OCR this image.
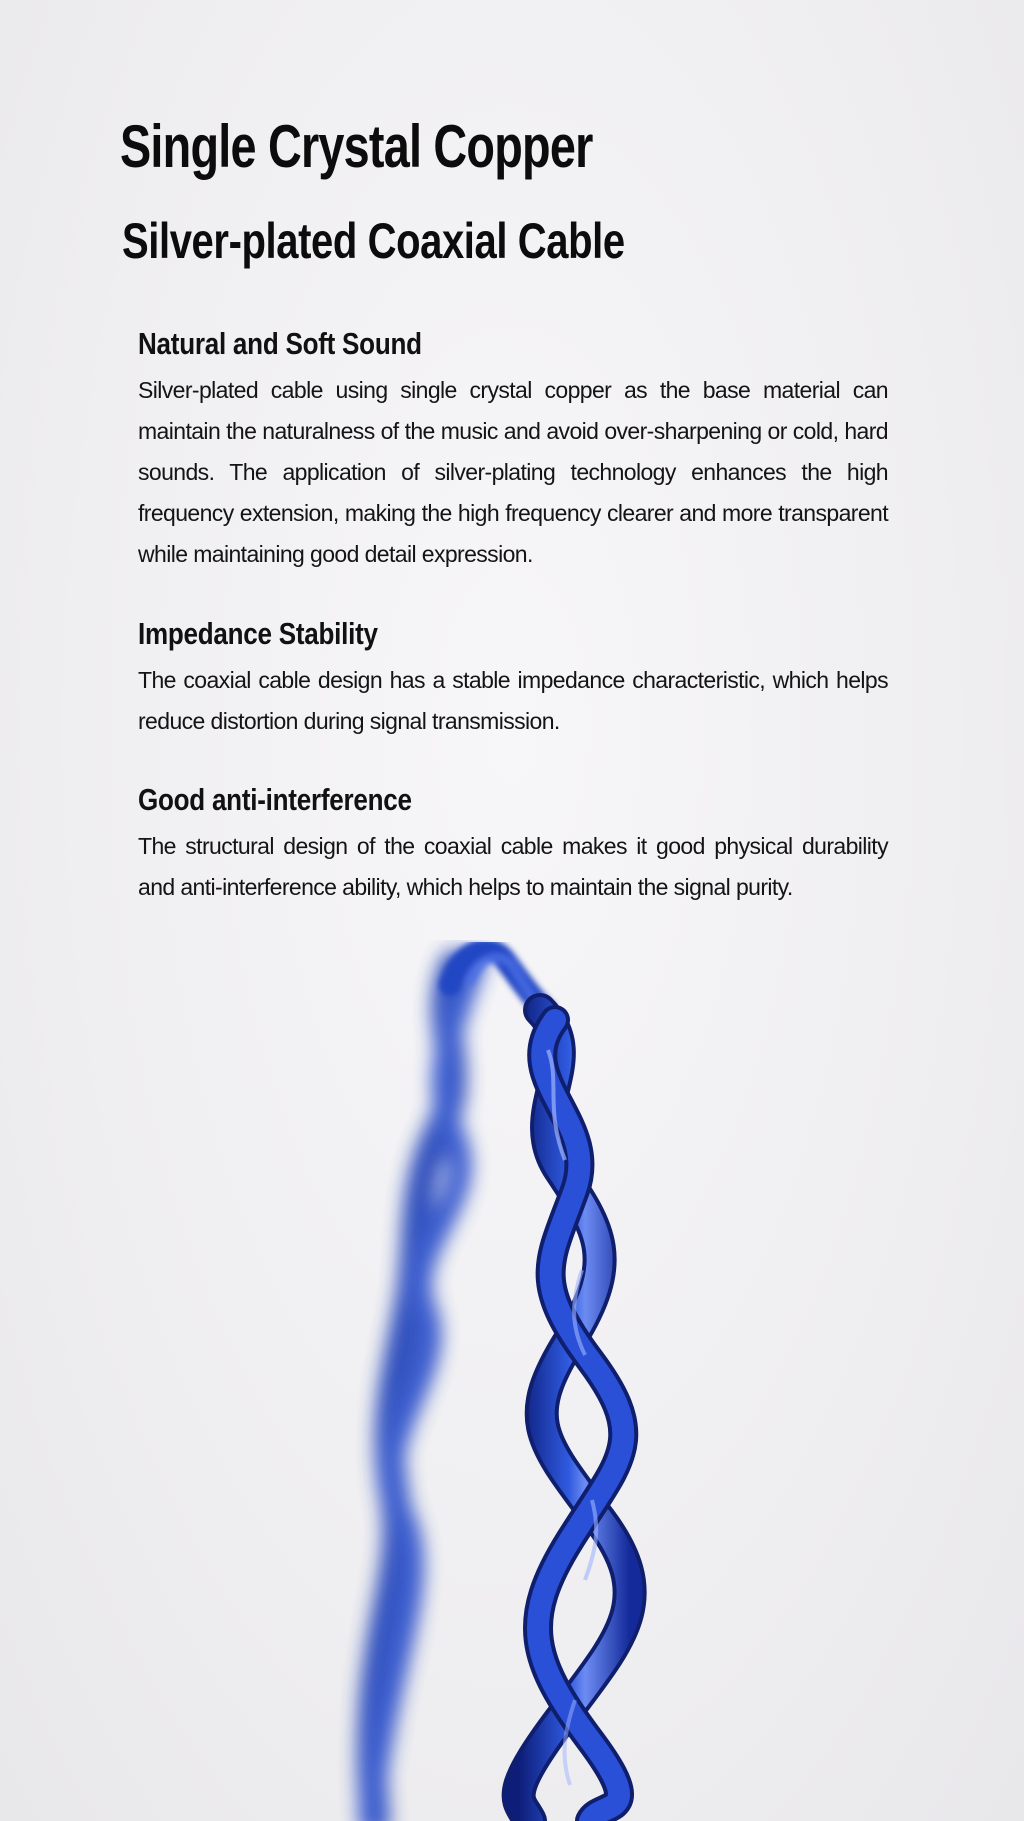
Single Crystal Copper
Silver-plated Coaxial Cable
Natural and Soft Sound

Silver-plated cable using single crystal copper as the base material can maintain the naturalness of the music and avoid over-sharpening or cold, hard sounds. The application of silver-plating technology enhances the high frequency extension, making the high frequency clearer and more transparent while maintaining good detail expression.

Impedance Stability

The coaxial cable design has a stable impedance characteristic, which helps reduce distortion during signal transmission.

Good anti-interference

The structural design of the coaxial cable makes it good physical durability and anti-interference ability, which helps to maintain the signal purity.
